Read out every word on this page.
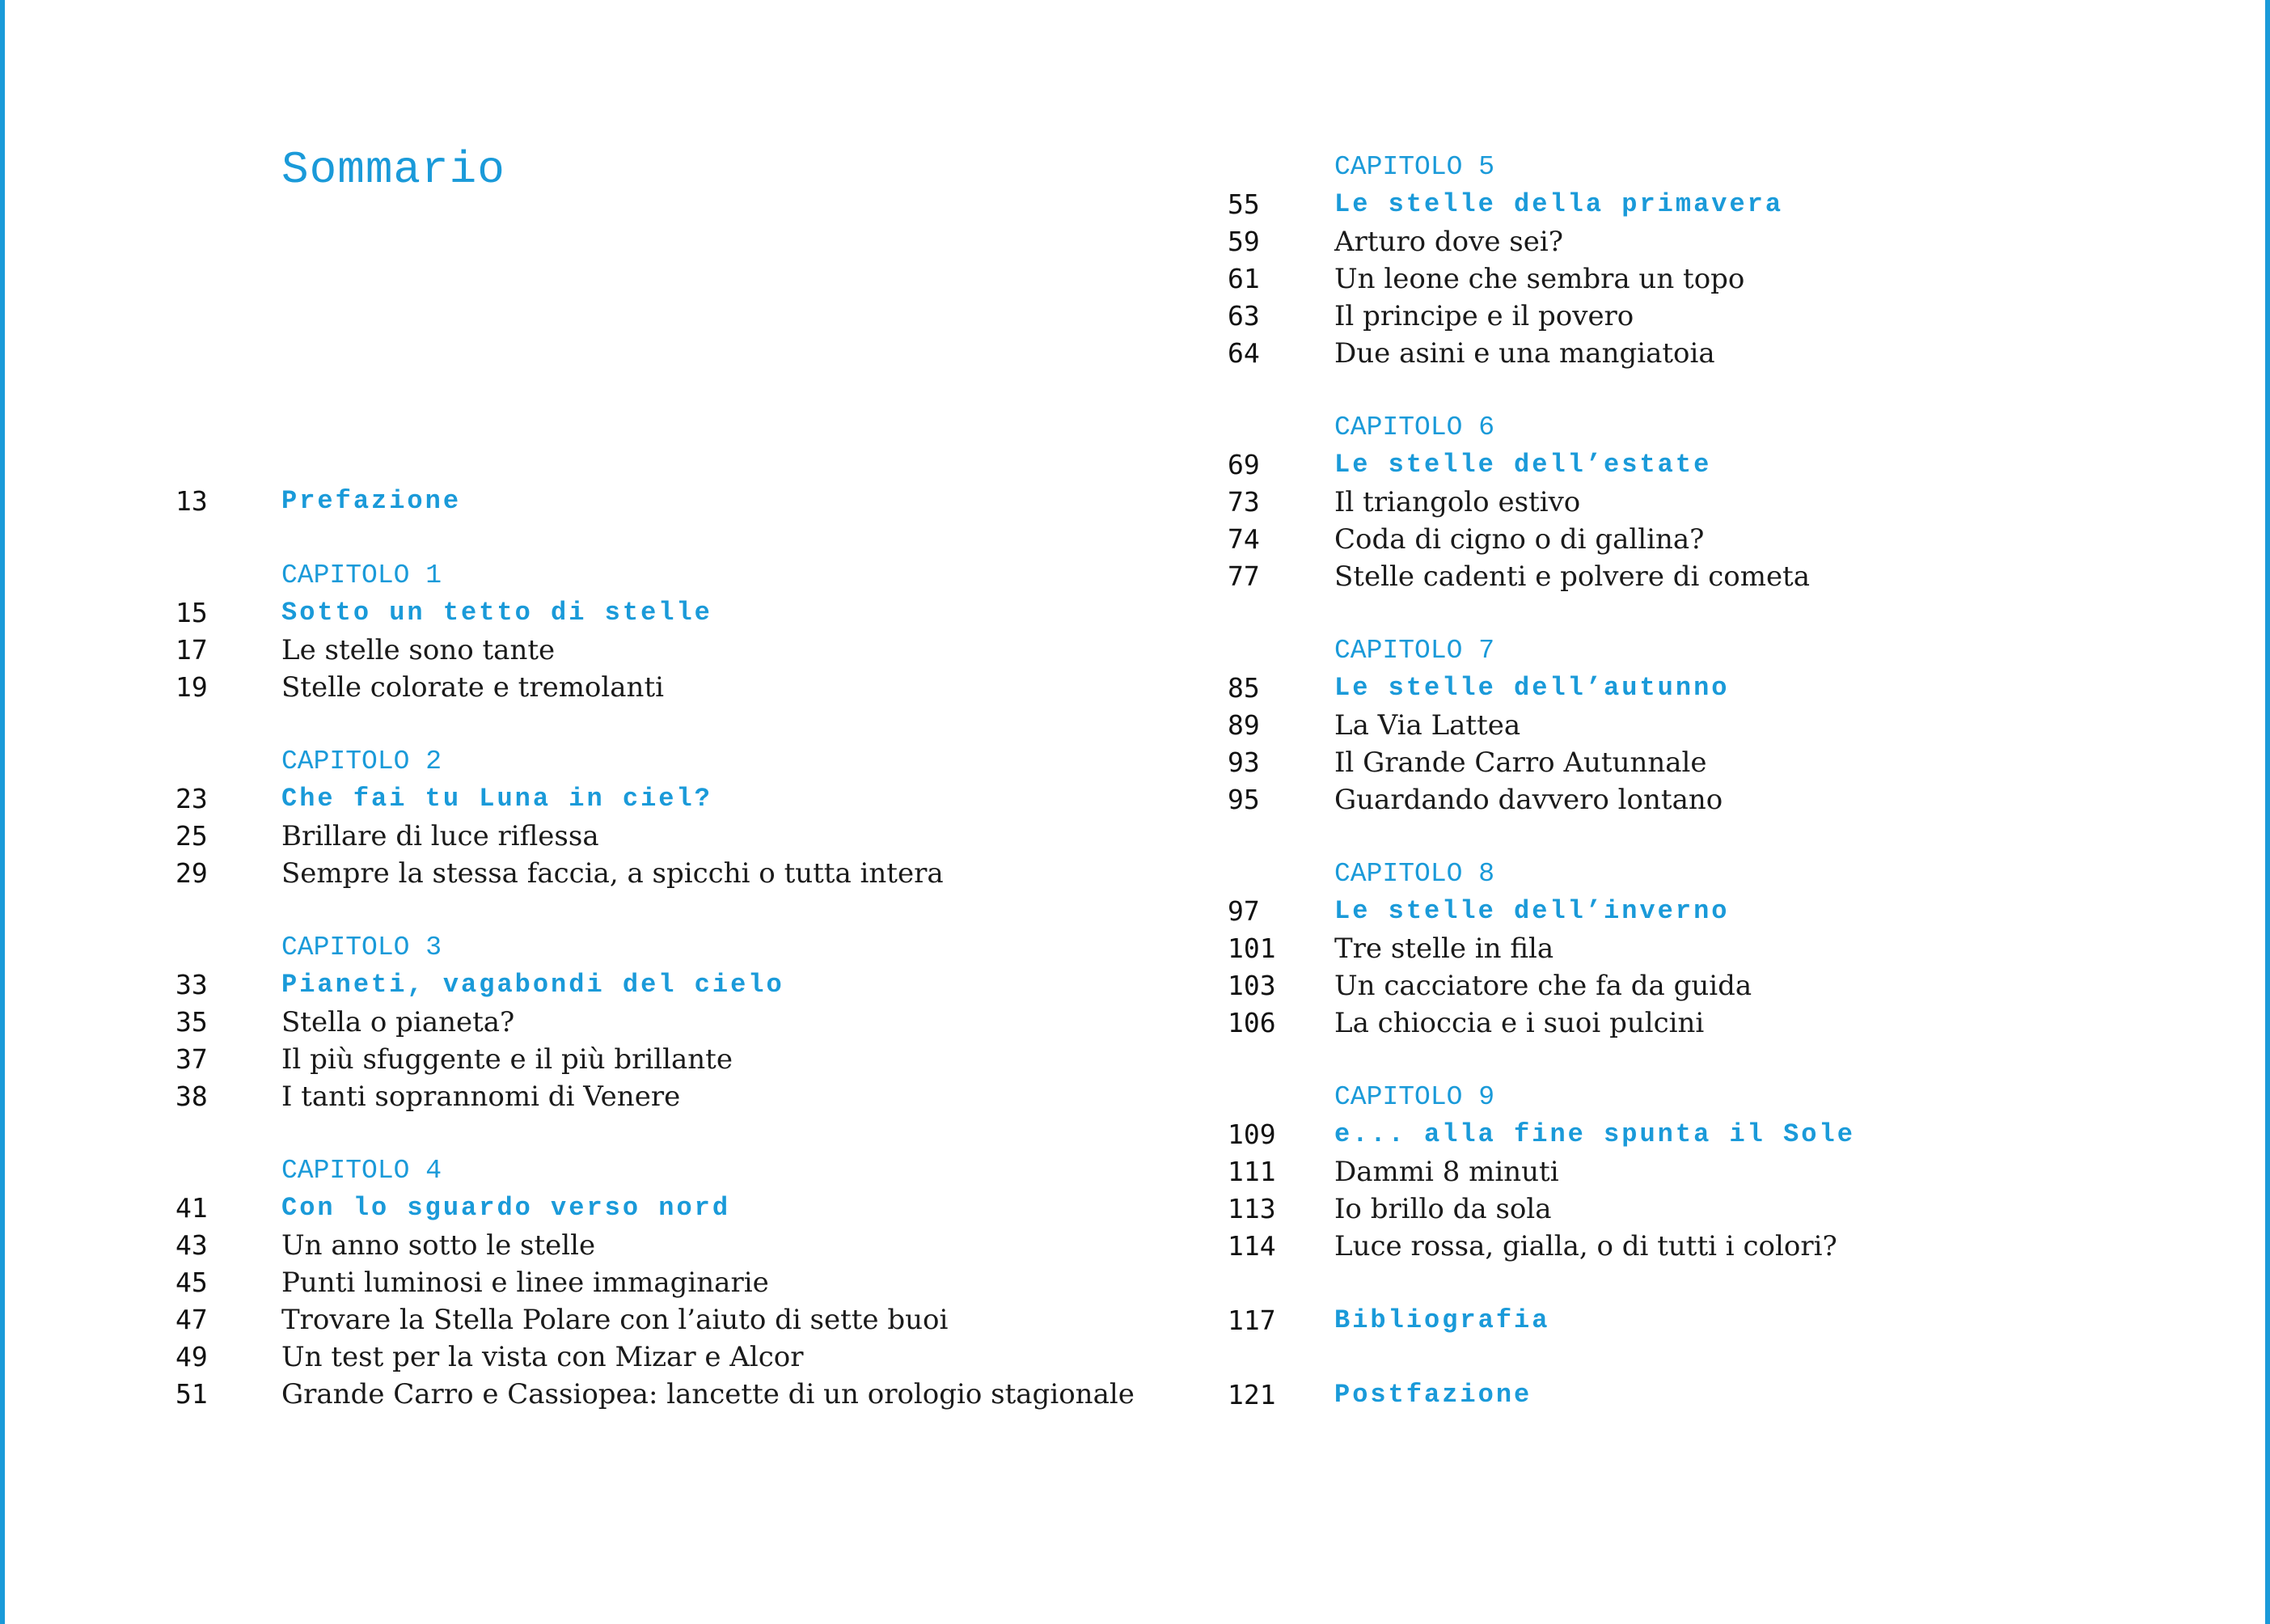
Sommario
13	Prefazione
CAPITOLO 1
15	Sotto un tetto di stelle
17	Le stelle sono tante
19	Stelle colorate e tremolanti
CAPITOLO 2
23	Che fai tu Luna in ciel?
25	Brillare di luce riflessa
29	Sempre la stessa faccia, a spicchi o tutta intera
CAPITOLO 3
33	Pianeti, vagabondi del cielo
35	Stella o pianeta?
37	Il più sfuggente e il più brillante
38	I tanti soprannomi di Venere
CAPITOLO 4
41	Con lo sguardo verso nord
43	Un anno sotto le stelle
45	Punti luminosi e linee immaginarie
47	Trovare la Stella Polare con l’aiuto di sette buoi
49	Un test per la vista con Mizar e Alcor
51	Grande Carro e Cassiopea: lancette di un orologio stagionale
CAPITOLO 5
55	Le stelle della primavera
59	Arturo dove sei?
61	Un leone che sembra un topo
63	Il principe e il povero
64	Due asini e una mangiatoia
CAPITOLO 6
69	Le stelle dell’estate
73	Il triangolo estivo
74	Coda di cigno o di gallina?
77	Stelle cadenti e polvere di cometa
CAPITOLO 7
85	Le stelle dell’autunno
89	La Via Lattea
93	Il Grande Carro Autunnale
95	Guardando davvero lontano
CAPITOLO 8
97	Le stelle dell’inverno
101 Tre stelle in fila
103 Un cacciatore che fa da guida
106 La chioccia e i suoi pulcini
CAPITOLO 9
109 e... alla fine spunta il Sole
111 Dammi 8 minuti
113 Io brillo da sola
114 Luce rossa, gialla, o di tutti i colori?
117 Bibliografia
121 Postfazione
